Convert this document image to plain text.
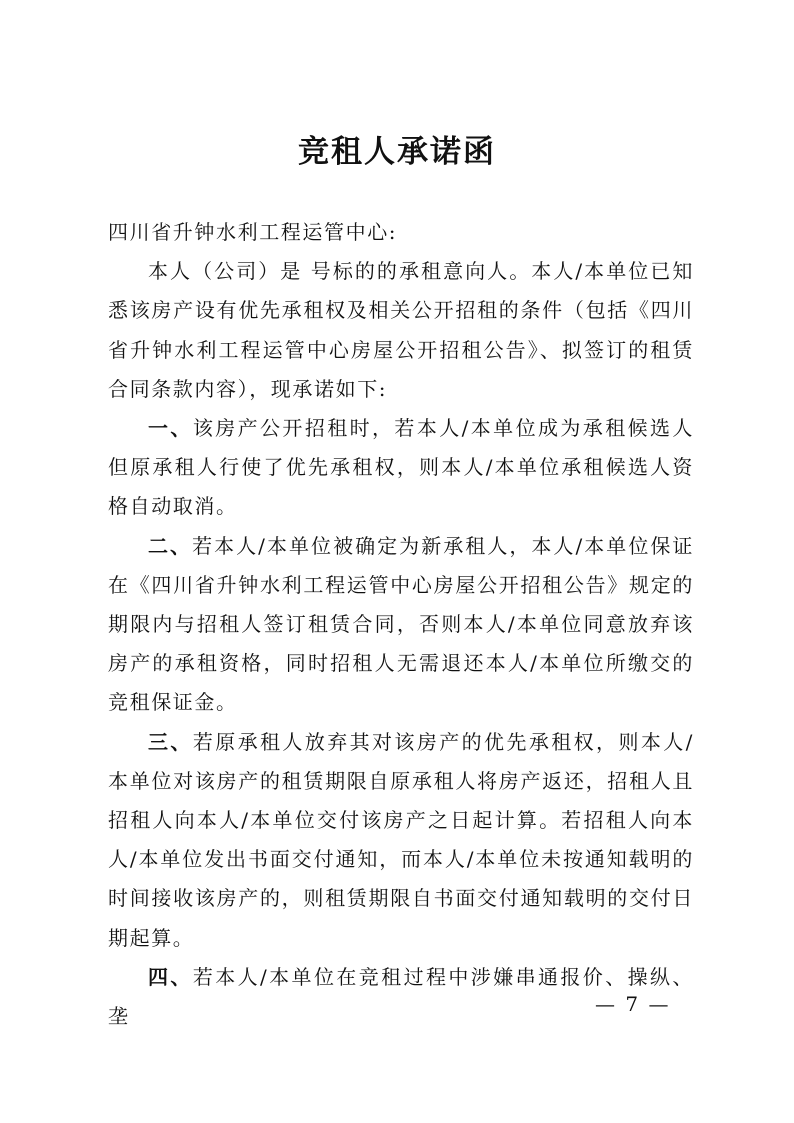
竞租人承诺函

四川省升钟水利工程运管中心:

本人（公司）是 号标的的承租意向人。本人/本单位已知悉该房产设有优先承租权及相关公开招租的条件（包括《四川省升钟水利工程运管中心房屋公开招租公告》、拟签订的租赁合同条款内容），现承诺如下:

一、该房产公开招租时，若本人/本单位成为承租候选人但原承租人行使了优先承租权，则本人/本单位承租候选人资格自动取消。

二、若本人/本单位被确定为新承租人，本人/本单位保证在《四川省升钟水利工程运管中心房屋公开招租公告》规定的期限内与招租人签订租赁合同，否则本人/本单位同意放弃该房产的承租资格，同时招租人无需退还本人/本单位所缴交的竞租保证金。

三、若原承租人放弃其对该房产的优先承租权，则本人/本单位对该房产的租赁期限自原承租人将房产返还，招租人且招租人向本人/本单位交付该房产之日起计算。若招租人向本人/本单位发出书面交付通知，而本人/本单位未按通知载明的时间接收该房产的，则租赁期限自书面交付通知载明的交付日期起算。

四、若本人/本单位在竞租过程中涉嫌串通报价、操纵、垄

— 7 —
